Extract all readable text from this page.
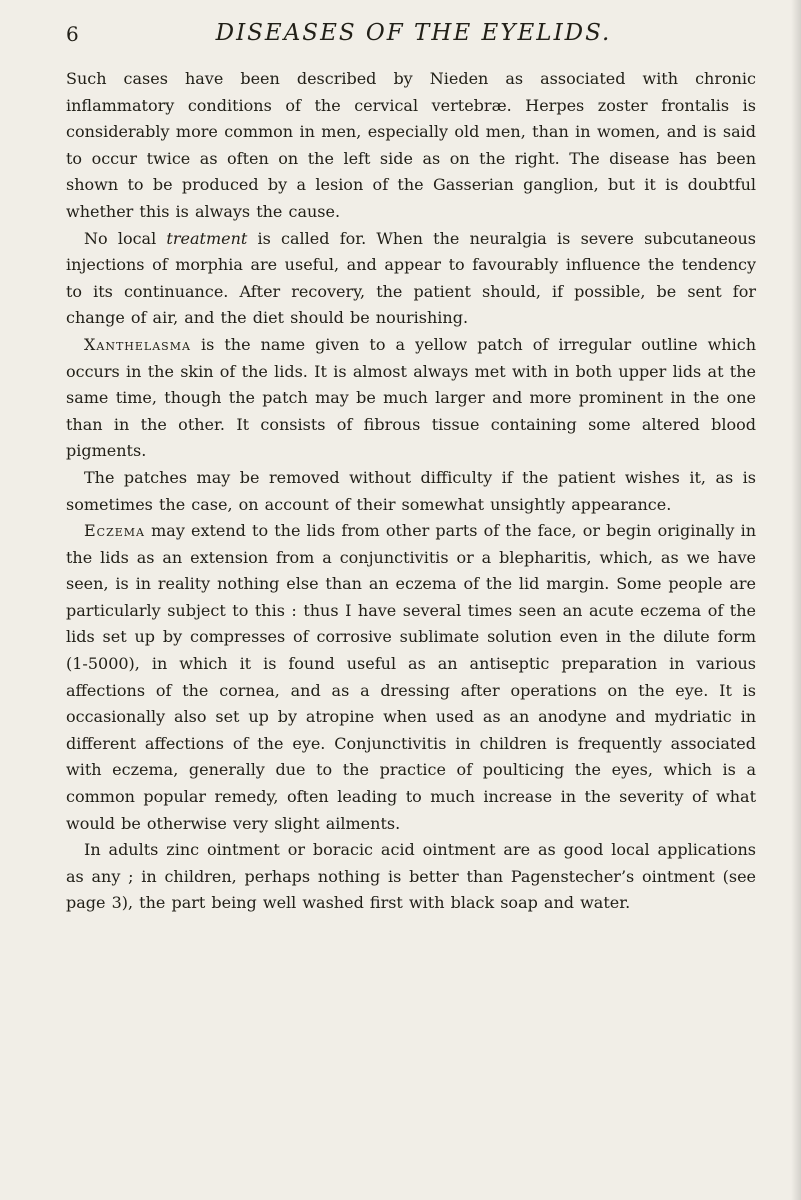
6	DISEASES OF THE EYELIDS.

Such cases have been described by Nieden as associated with chronic inflammatory conditions of the cervical vertebræ. Herpes zoster frontalis is considerably more common in men, especially old men, than in women, and is said to occur twice as often on the left side as on the right. The disease has been shown to be produced by a lesion of the Gasserian ganglion, but it is doubtful whether this is always the cause.

No local treatment is called for. When the neuralgia is severe subcutaneous injections of morphia are useful, and appear to favourably influence the tendency to its continuance. After recovery, the patient should, if possible, be sent for change of air, and the diet should be nourishing.

Xanthelasma is the name given to a yellow patch of irregular outline which occurs in the skin of the lids. It is almost always met with in both upper lids at the same time, though the patch may be much larger and more prominent in the one than in the other. It consists of fibrous tissue containing some altered blood pigments.

The patches may be removed without difficulty if the patient wishes it, as is sometimes the case, on account of their somewhat unsightly appearance.

Eczema may extend to the lids from other parts of the face, or begin originally in the lids as an extension from a conjunctivitis or a blepharitis, which, as we have seen, is in reality nothing else than an eczema of the lid margin. Some people are particularly subject to this : thus I have several times seen an acute eczema of the lids set up by compresses of corrosive sublimate solution even in the dilute form (1-5000), in which it is found useful as an antiseptic preparation in various affections of the cornea, and as a dressing after operations on the eye. It is occasionally also set up by atropine when used as an anodyne and mydriatic in different affections of the eye. Conjunctivitis in children is frequently associated with eczema, generally due to the practice of poulticing the eyes, which is a common popular remedy, often leading to much increase in the severity of what would be otherwise very slight ailments.

In adults zinc ointment or boracic acid ointment are as good local applications as any ; in children, perhaps nothing is better than Pagenstecher’s ointment (see page 3), the part being well washed first with black soap and water.
